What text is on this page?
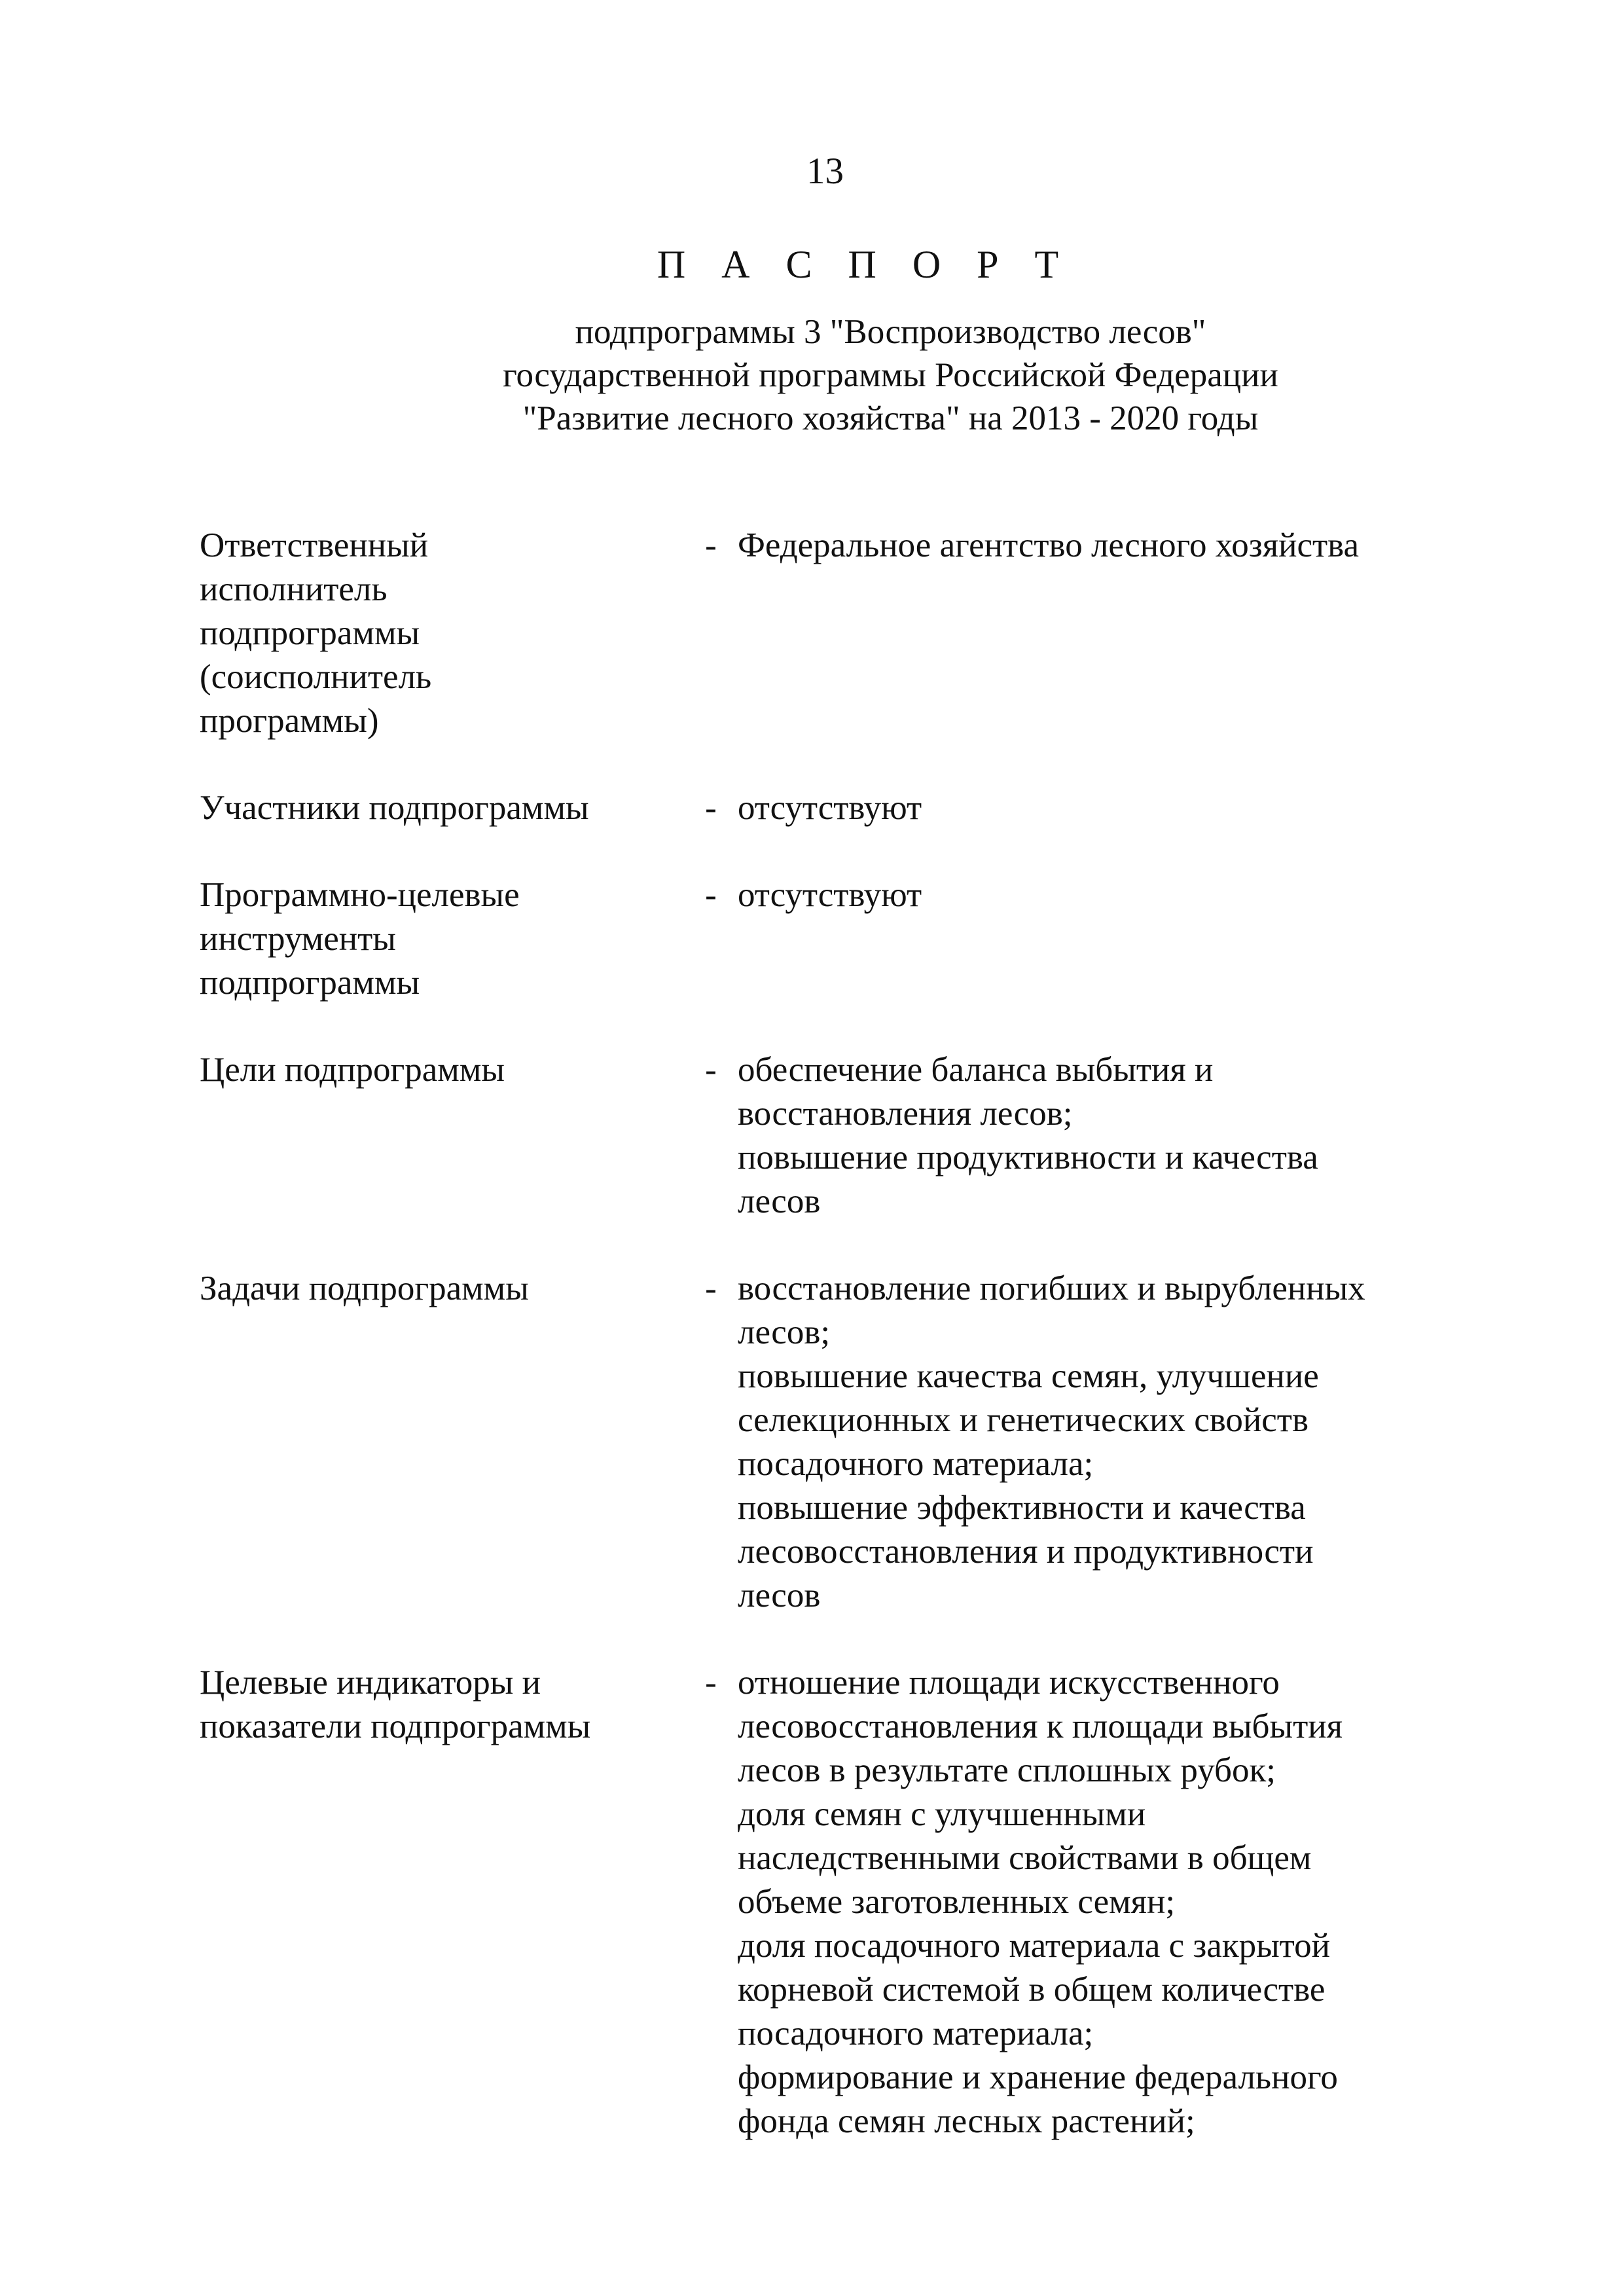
13
П А С П О Р Т
подпрограммы 3 "Воспроизводство лесов"
государственной программы Российской Федерации
"Развитие лесного хозяйства" на 2013 - 2020 годы
Ответственный
исполнитель
подпрограммы
(соисполнитель
программы)
- Федеральное агентство лесного хозяйства
Участники подпрограммы	- отсутствуют
Программно-целевые
инструменты
подпрограммы
- отсутствуют
Цели подпрограммы	- обеспечение баланса выбытия и
восстановления лесов;
повышение продуктивности и качества
лесов
Задачи подпрограммы	- восстановление погибших и вырубленных
лесов;
повышение качества семян, улучшение
селекционных и генетических свойств
посадочного материала;
повышение эффективности и качества
лесовосстановления и продуктивности
лесов
Целевые индикаторы и
показатели подпрограммы
- отношение площади искусственного
лесовосстановления к площади выбытия
лесов в результате сплошных рубок;
доля семян с улучшенными
наследственными свойствами в общем
объеме заготовленных семян;
доля посадочного материала с закрытой
корневой системой в общем количестве
посадочного материала;
формирование и хранение федерального
фонда семян лесных растений;
